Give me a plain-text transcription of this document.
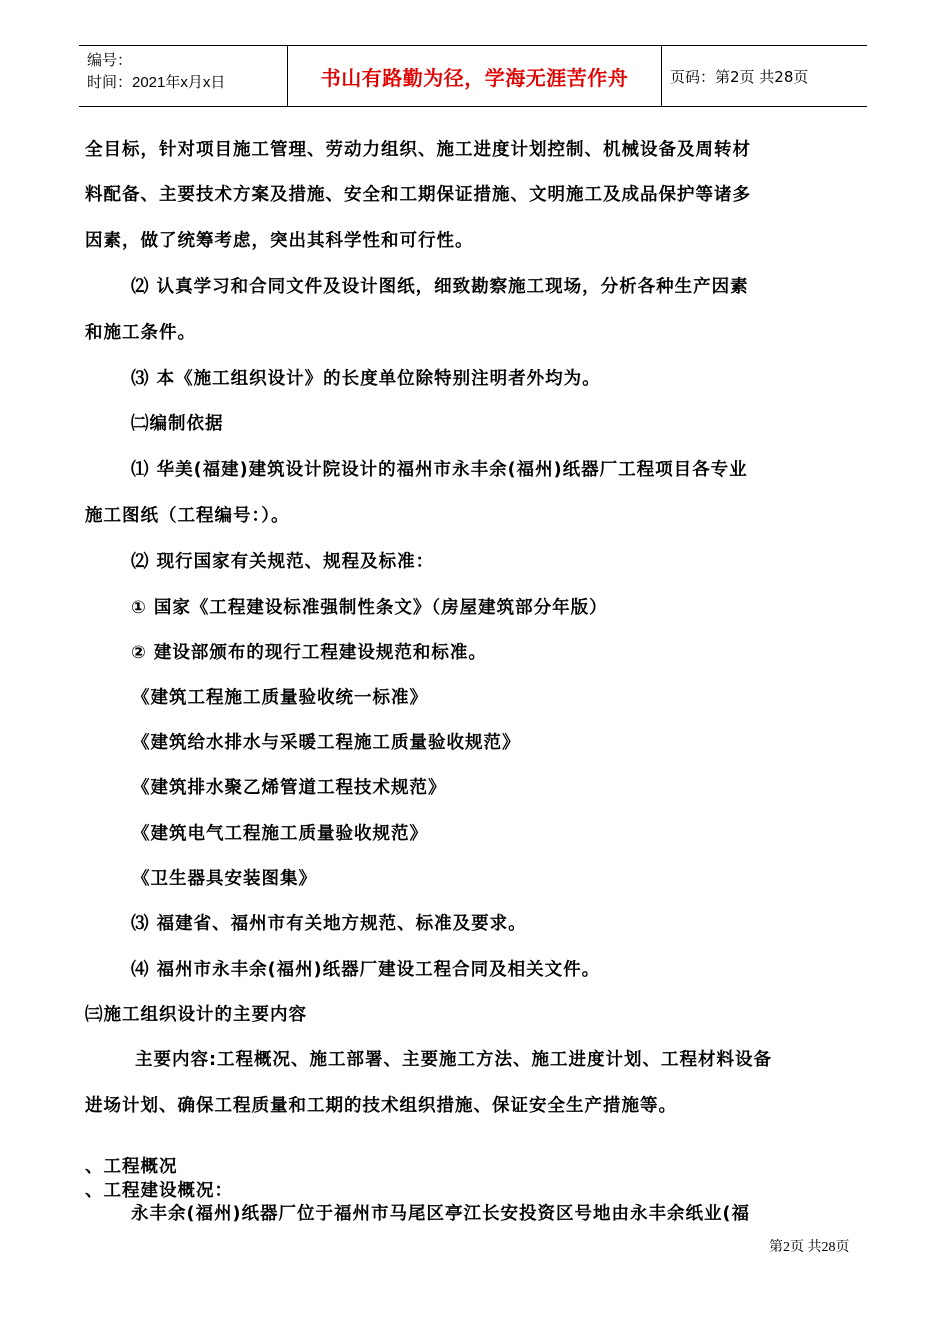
编号：
时间：2021年x月x日	书山有路勤为径，学海无涯苦作舟	页码：第2页 共28页
全目标，针对项目施工管理、劳动力组织、施工进度计划控制、机械设备及周转材
料配备、主要技术方案及措施、安全和工期保证措施、文明施工及成品保护等诸多
因素，做了统筹考虑，突出其科学性和可行性。
⑵ 认真学习和合同文件及设计图纸，细致勘察施工现场，分析各种生产因素
和施工条件。
⑶ 本《施工组织设计》的长度单位除特别注明者外均为。
㈡编制依据
⑴ 华美(福建)建筑设计院设计的福州市永丰余(福州)纸器厂工程项目各专业
施工图纸（工程编号：）。
⑵ 现行国家有关规范、规程及标准：
① 国家《工程建设标准强制性条文》（房屋建筑部分年版）
② 建设部颁布的现行工程建设规范和标准。
《建筑工程施工质量验收统一标准》
《建筑给水排水与采暖工程施工质量验收规范》
《建筑排水聚乙烯管道工程技术规范》
《建筑电气工程施工质量验收规范》
《卫生器具安装图集》
⑶ 福建省、福州市有关地方规范、标准及要求。
⑷ 福州市永丰余(福州)纸器厂建设工程合同及相关文件。
㈢施工组织设计的主要内容
主要内容:工程概况、施工部署、主要施工方法、施工进度计划、工程材料设备
进场计划、确保工程质量和工期的技术组织措施、保证安全生产措施等。
、工程概况
、工程建设概况：
永丰余(福州)纸器厂位于福州市马尾区亭江长安投资区号地由永丰余纸业(福
第2页 共28页
